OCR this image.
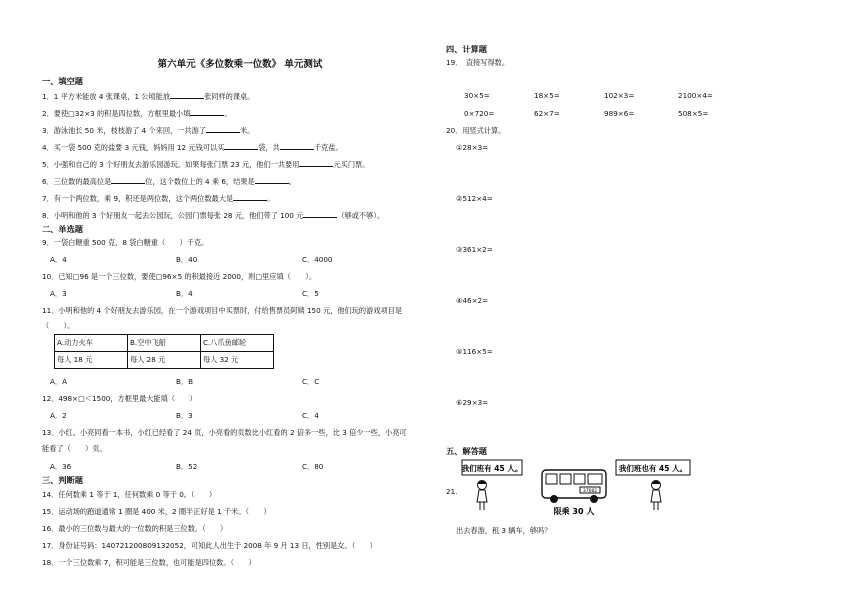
第六单元《多位数乘一位数》 单元测试
一、填空题
1．1 平方米能放 4 张课桌，1 公顷能放	张同样的课桌。
2．要使□32×3 的积是四位数，方框里最小填	。
3．游泳池长 50 米，枝枝游了 4 个来回，一共游了	米。
4．买一袋 500 克的盐要 3 元钱，妈妈用 12 元钱可以买	袋，共	千克盐。
5．小强和自己的 3 个好朋友去游乐园游玩。如果每张门票 23 元，他们一共要用	元买门票。
6．三位数的最高位是	位，这个数位上的 4 乘 6，结果是	。
7．有一个两位数，乘 9，积还是两位数，这个两位数最大是	。
8．小明和他的 3 个好朋友一起去公园玩，公园门票每张 28 元，他们带了 100 元	（够或不够）。
二、单选题
9．一袋白糖重 500 克，8 袋白糖重（　　）千克。
A．4	B．40	C．4000
10．已知□96 是一个三位数，要使□96×5 的积最接近 2000，则□里应填（　　）。
A．3	B．4	C．5
11．小明和他的 4 个好朋友去游乐园，在一个游戏项目中买票时，付给售票员阿姨 150 元，他们玩的游戏项目是
（　　）。
A.动力火车	B.空中飞船	C.八爪鱼邮轮
每人 18 元	每人 28 元	每人 32 元
A．A	B．B	C．C
12．498×□＜1500，方框里最大能填（　　）
A．2	B．3	C．4
13．小红、小亮同看一本书，小红已经看了 24 页，小亮看的页数比小红看的 2 倍多一些，比 3 倍少一些，小亮可
能看了（　　）页。
A．36	B．52	C．80
三、判断题
14．任何数乘 1 等于 1，任何数乘 0 等于 0。（　　）
15．运动场的跑道通常 1 圈是 400 米，2 圈半正好是 1 千米。（　　）
16．最小的三位数与最大的一位数的积是三位数。（　　）
17．身份证号码：140721200809132052，可知此人出生于 2008 年 9 月 13 日，性别是女。（　　）
18．一个三位数乘 7，积可能是三位数，也可能是四位数。（　　）
四、计算题
19．　直接写得数。
30×5=	18×5=	102×3=	2100×4=
0×720=	62×7=	989×6=	508×5=
20．用竖式计算。
①28×3=
②512×4=
③361×2=
④46×2=
⑤116×5=
⑥29×3=
五、解答题
21.
我们班有 45 人。
37682
限乘 30 人
我们班也有 45 人。
出去春游，租 3 辆车，够吗？
